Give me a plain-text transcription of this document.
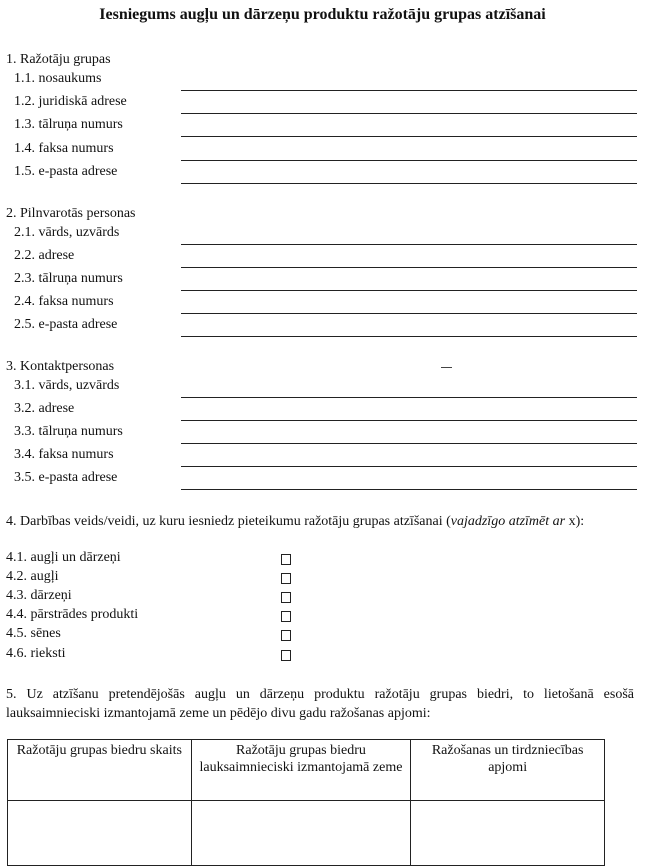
Iesniegums augļu un dārzeņu produktu ražotāju grupas atzīšanai
1. Ražotāju grupas
1.1. nosaukums
1.2. juridiskā adrese
1.3. tālruņa numurs
1.4. faksa numurs
1.5. e-pasta adrese
2. Pilnvarotās personas
2.1. vārds, uzvārds
2.2. adrese
2.3. tālruņa numurs
2.4. faksa numurs
2.5. e-pasta adrese
3. Kontaktpersonas
3.1. vārds, uzvārds
3.2. adrese
3.3. tālruņa numurs
3.4. faksa numurs
3.5. e-pasta adrese
4. Darbības veids/veidi, uz kuru iesniedz pieteikumu ražotāju grupas atzīšanai (vajadzīgo atzīmēt ar x):
4.1. augļi un dārzeņi
4.2. augļi
4.3. dārzeņi
4.4. pārstrādes produkti
4.5. sēnes
4.6. rieksti
5. Uz atzīšanu pretendējošās augļu un dārzeņu produktu ražotāju grupas biedri, to lietošanā esošā lauksaimnieciski izmantojamā zeme un pēdējo divu gadu ražošanas apjomi:
Ražotāju grupas biedru skaits	Ražotāju grupas biedru lauksaimnieciski izmantojamā zeme	Ražošanas un tirdzniecības apjomi
